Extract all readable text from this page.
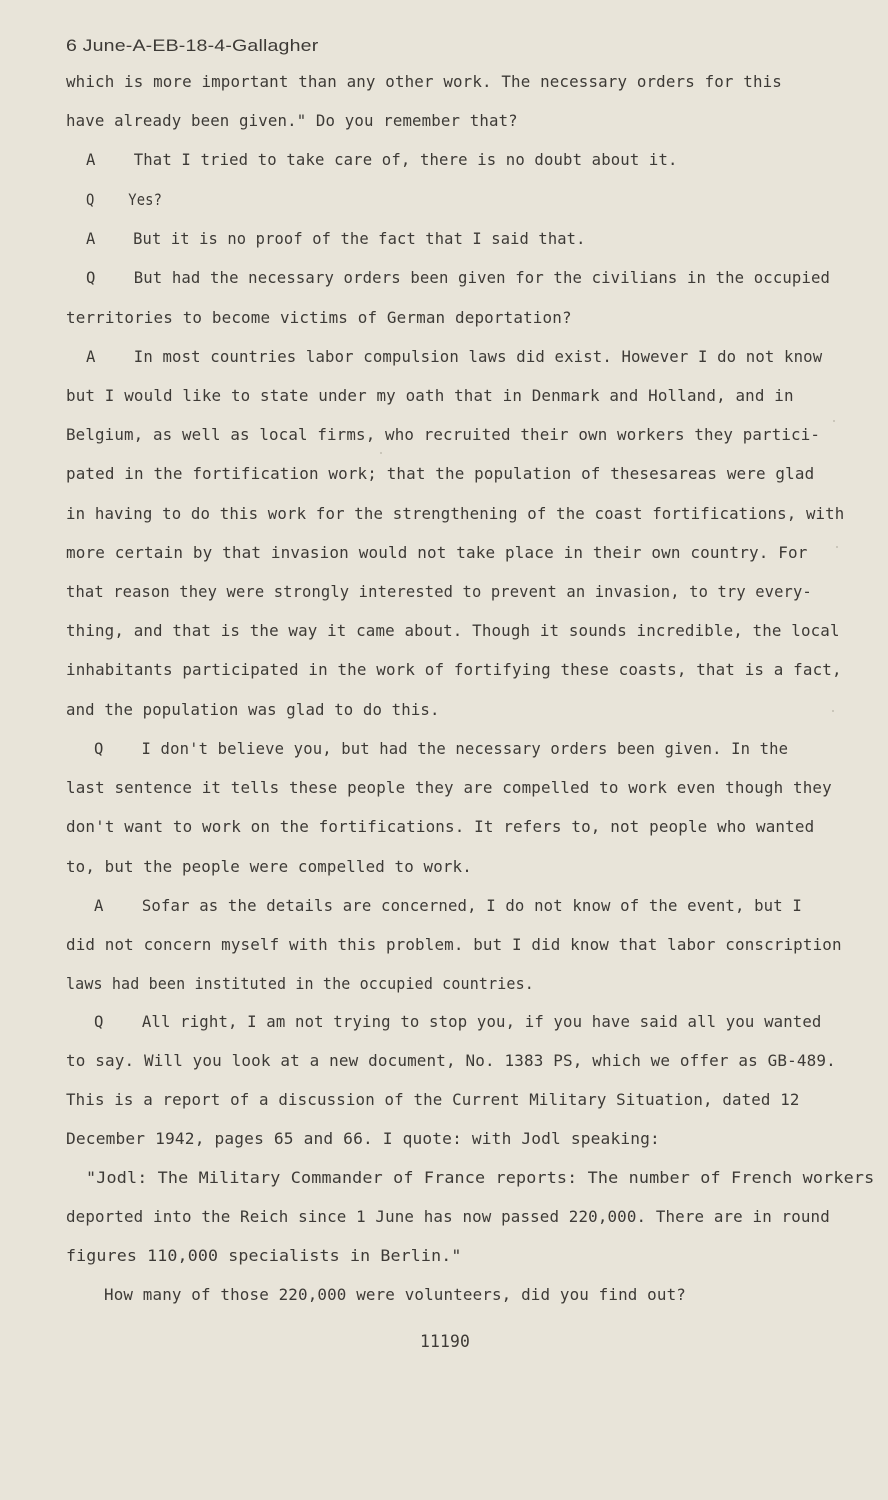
6 June-A-EB-18-4-Gallagher
which is more important than any other work. The necessary orders for this
have already been given." Do you remember that?
A    That I tried to take care of, there is no doubt about it.
Q    Yes?
A    But it is no proof of the fact that I said that.
Q    But had the necessary orders been given for the civilians in the occupied
territories to become victims of German deportation?
A    In most countries labor compulsion laws did exist. However I do not know
but I would like to state under my oath that in Denmark and Holland, and in
Belgium, as well as local firms, who recruited their own workers they partici-
pated in the fortification work; that the population of thesesareas were glad
in having to do this work for the strengthening of the coast fortifications, with
more certain by that invasion would not take place in their own country. For
that reason they were strongly interested to prevent an invasion, to try every-
thing, and that is the way it came about. Though it sounds incredible, the local
inhabitants participated in the work of fortifying these coasts, that is a fact,
and the population was glad to do this.
Q    I don't believe you, but had the necessary orders been given. In the
last sentence it tells these people they are compelled to work even though they
don't want to work on the fortifications. It refers to, not people who wanted
to, but the people were compelled to work.
A    Sofar as the details are concerned, I do not know of the event, but I
did not concern myself with this problem. but I did know that labor conscription
laws had been instituted in the occupied countries.
Q    All right, I am not trying to stop you, if you have said all you wanted
to say. Will you look at a new document, No. 1383 PS, which we offer as GB-489.
This is a report of a discussion of the Current Military Situation, dated 12
December 1942, pages 65 and 66. I quote: with Jodl speaking:
"Jodl: The Military Commander of France reports: The number of French workers
deported into the Reich since 1 June has now passed 220,000. There are in round
figures 110,000 specialists in Berlin."
How many of those 220,000 were volunteers, did you find out?
11190
